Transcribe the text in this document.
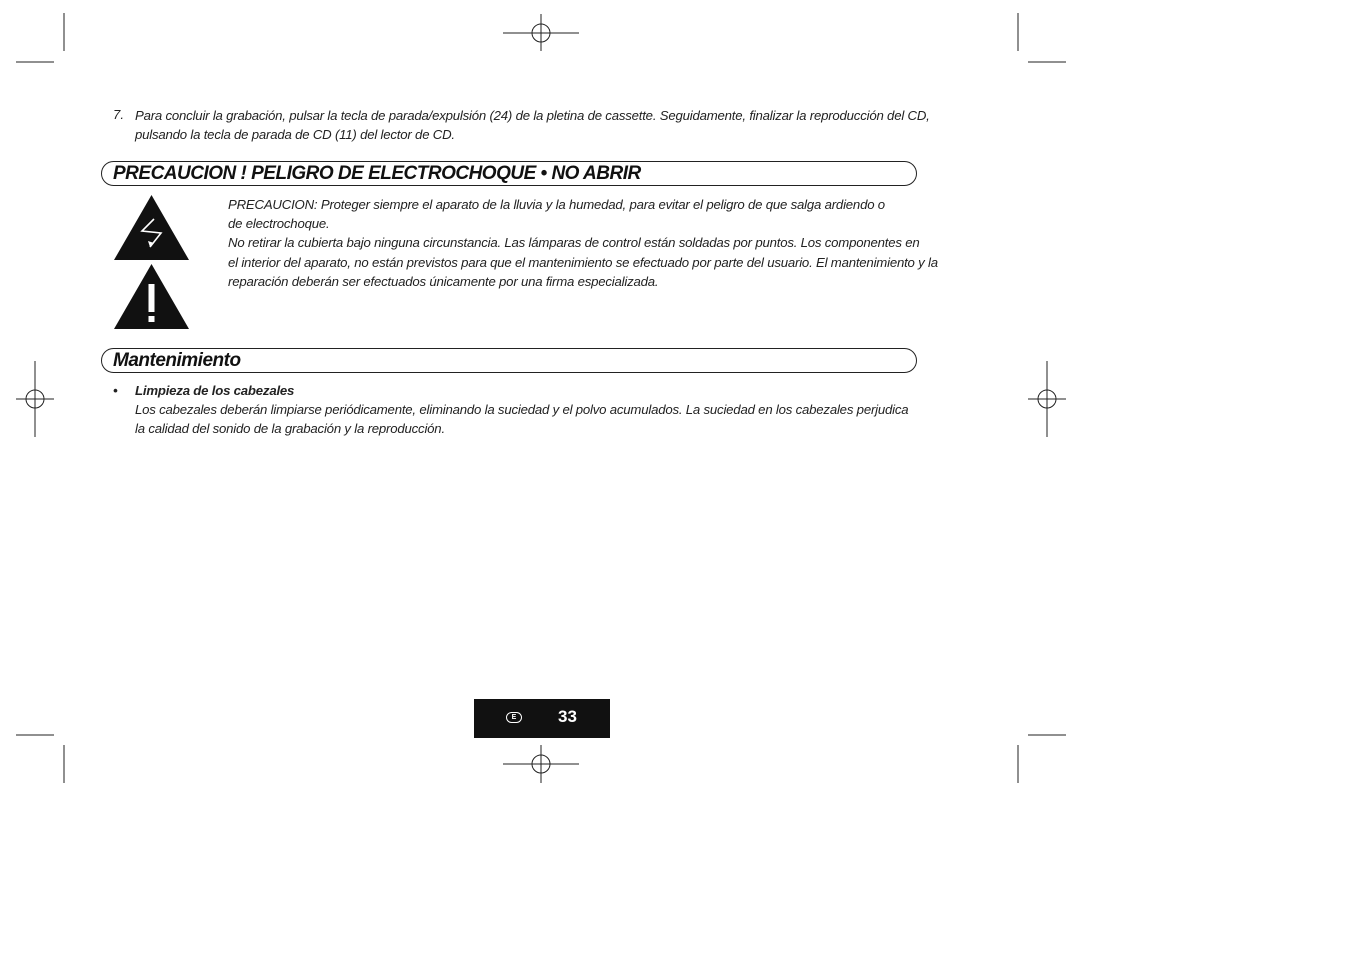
7. Para concluir la grabación, pulsar la tecla de parada/expulsión (24) de la pletina de cassette. Seguidamente, finalizar la reproducción del CD,
pulsando la tecla de parada de CD (11) del lector de CD.
PRECAUCION ! PELIGRO DE ELECTROCHOQUE • NO ABRIR
PRECAUCION: Proteger siempre el aparato de la lluvia y la humedad, para evitar el peligro de que salga ardiendo o
de electrochoque.
No retirar la cubierta bajo ninguna circunstancia. Las lámparas de control están soldadas por puntos. Los componentes en
el interior del aparato, no están previstos para que el mantenimiento se efectuado por parte del usuario. El mantenimiento y la
reparación deberán ser efectuados únicamente por una firma especializada.
Mantenimiento
• Limpieza de los cabezales
Los cabezales deberán limpiarse periódicamente, eliminando la suciedad y el polvo acumulados. La suciedad en los cabezales perjudica
la calidad del sonido de la grabación y la reproducción.
E	33
